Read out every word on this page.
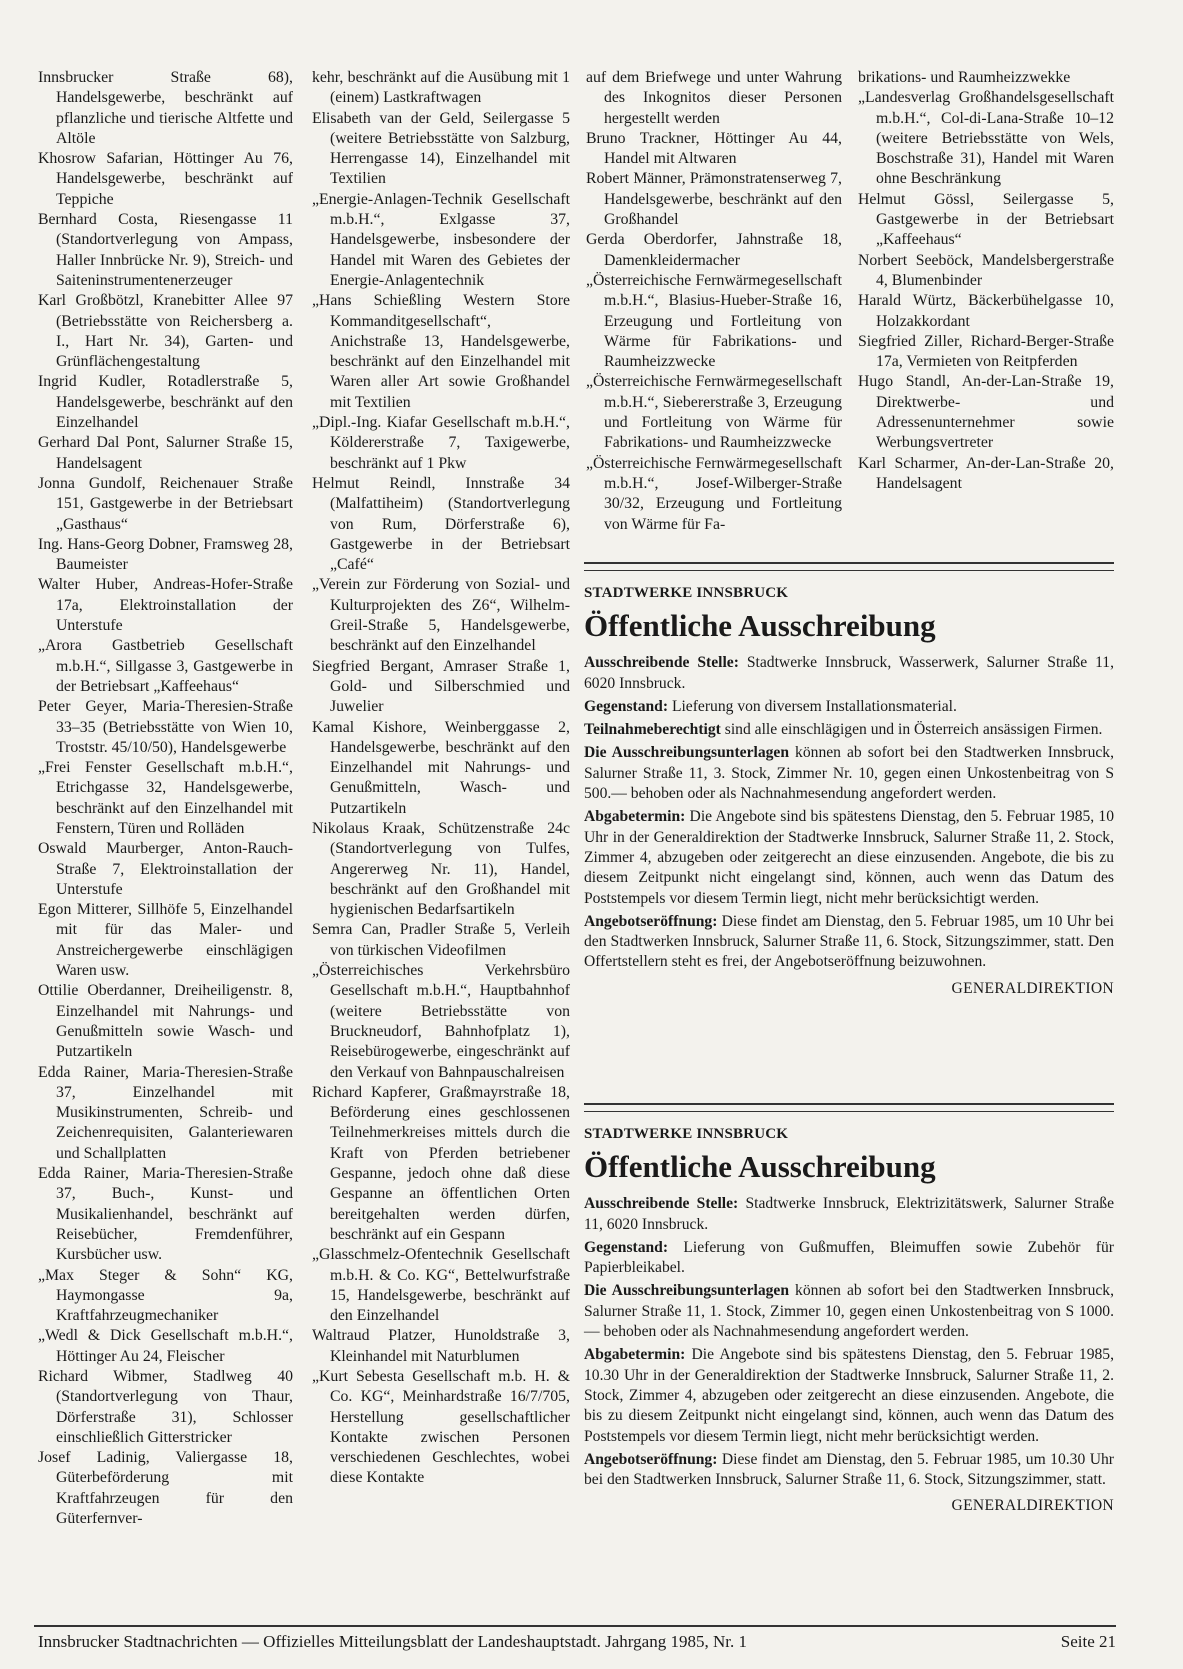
Innsbrucker Straße 68), Handelsgewerbe, beschränkt auf pflanzliche und tierische Altfette und Altöle
Khosrow Safarian, Höttinger Au 76, Handelsgewerbe, beschränkt auf Teppiche
Bernhard Costa, Riesengasse 11 (Standortverlegung von Ampass, Haller Innbrücke Nr. 9), Streich- und Saiteninstrumentenerzeuger
Karl Großbötzl, Kranebitter Allee 97 (Betriebsstätte von Reichersberg a. I., Hart Nr. 34), Garten- und Grünflächengestaltung
Ingrid Kudler, Rotadlerstraße 5, Handelsgewerbe, beschränkt auf den Einzelhandel
Gerhard Dal Pont, Salurner Straße 15, Handelsagent
Jonna Gundolf, Reichenauer Straße 151, Gastgewerbe in der Betriebsart „Gasthaus“
Ing. Hans-Georg Dobner, Framsweg 28, Baumeister
Walter Huber, Andreas-Hofer-Straße 17a, Elektroinstallation der Unterstufe
„Arora Gastbetrieb Gesellschaft m.b.H.“, Sillgasse 3, Gastgewerbe in der Betriebsart „Kaffeehaus“
Peter Geyer, Maria-Theresien-Straße 33–35 (Betriebsstätte von Wien 10, Troststr. 45/10/50), Handelsgewerbe
„Frei Fenster Gesellschaft m.b.H.“, Etrichgasse 32, Handelsgewerbe, beschränkt auf den Einzelhandel mit Fenstern, Türen und Rolläden
Oswald Maurberger, Anton-Rauch-Straße 7, Elektroinstallation der Unterstufe
Egon Mitterer, Sillhöfe 5, Einzelhandel mit für das Maler- und Anstreichergewerbe einschlägigen Waren usw.
Ottilie Oberdanner, Dreiheiligenstr. 8, Einzelhandel mit Nahrungs- und Genußmitteln sowie Wasch- und Putzartikeln
Edda Rainer, Maria-Theresien-Straße 37, Einzelhandel mit Musikinstrumenten, Schreib- und Zeichenrequisiten, Galanteriewaren und Schallplatten
Edda Rainer, Maria-Theresien-Straße 37, Buch-, Kunst- und Musikalienhandel, beschränkt auf Reisebücher, Fremdenführer, Kursbücher usw.
„Max Steger & Sohn“ KG, Haymongasse 9a, Kraftfahrzeugmechaniker
„Wedl & Dick Gesellschaft m.b.H.“, Höttinger Au 24, Fleischer
Richard Wibmer, Stadlweg 40 (Standortverlegung von Thaur, Dörferstraße 31), Schlosser einschließlich Gitterstricker
Josef Ladinig, Valiergasse 18, Güterbeförderung mit Kraftfahrzeugen für den Güterfernver-
kehr, beschränkt auf die Ausübung mit 1 (einem) Lastkraftwagen
Elisabeth van der Geld, Seilergasse 5 (weitere Betriebsstätte von Salzburg, Herrengasse 14), Einzelhandel mit Textilien
„Energie-Anlagen-Technik Gesellschaft m.b.H.“, Exlgasse 37, Handelsgewerbe, insbesondere der Handel mit Waren des Gebietes der Energie-Anlagentechnik
„Hans Schießling Western Store Kommanditgesellschaft“, Anichstraße 13, Handelsgewerbe, beschränkt auf den Einzelhandel mit Waren aller Art sowie Großhandel mit Textilien
„Dipl.-Ing. Kiafar Gesellschaft m.b.H.“, Köldererstraße 7, Taxigewerbe, beschränkt auf 1 Pkw
Helmut Reindl, Innstraße 34 (Malfattiheim) (Standortverlegung von Rum, Dörferstraße 6), Gastgewerbe in der Betriebsart „Café“
„Verein zur Förderung von Sozial- und Kulturprojekten des Z6“, Wilhelm-Greil-Straße 5, Handelsgewerbe, beschränkt auf den Einzelhandel
Siegfried Bergant, Amraser Straße 1, Gold- und Silberschmied und Juwelier
Kamal Kishore, Weinberggasse 2, Handelsgewerbe, beschränkt auf den Einzelhandel mit Nahrungs- und Genußmitteln, Wasch- und Putzartikeln
Nikolaus Kraak, Schützenstraße 24c (Standortverlegung von Tulfes, Angererweg Nr. 11), Handel, beschränkt auf den Großhandel mit hygienischen Bedarfsartikeln
Semra Can, Pradler Straße 5, Verleih von türkischen Videofilmen
„Österreichisches Verkehrsbüro Gesellschaft m.b.H.“, Hauptbahnhof (weitere Betriebsstätte von Bruckneudorf, Bahnhofplatz 1), Reisebürogewerbe, eingeschränkt auf den Verkauf von Bahnpauschalreisen
Richard Kapferer, Graßmayrstraße 18, Beförderung eines geschlossenen Teilnehmerkreises mittels durch die Kraft von Pferden betriebener Gespanne, jedoch ohne daß diese Gespanne an öffentlichen Orten bereitgehalten werden dürfen, beschränkt auf ein Gespann
„Glasschmelz-Ofentechnik Gesellschaft m.b.H. & Co. KG“, Bettelwurfstraße 15, Handelsgewerbe, beschränkt auf den Einzelhandel
Waltraud Platzer, Hunoldstraße 3, Kleinhandel mit Naturblumen
„Kurt Sebesta Gesellschaft m.b. H. & Co. KG“, Meinhardstraße 16/7/705, Herstellung gesellschaftlicher Kontakte zwischen Personen verschiedenen Geschlechtes, wobei diese Kontakte
auf dem Briefwege und unter Wahrung des Inkognitos dieser Personen hergestellt werden
Bruno Trackner, Höttinger Au 44, Handel mit Altwaren
Robert Männer, Prämonstratenserweg 7, Handelsgewerbe, beschränkt auf den Großhandel
Gerda Oberdorfer, Jahnstraße 18, Damenkleidermacher
„Österreichische Fernwärmegesellschaft m.b.H.“, Blasius-Hueber-Straße 16, Erzeugung und Fortleitung von Wärme für Fabrikations- und Raumheizzwecke
„Österreichische Fernwärmegesellschaft m.b.H.“, Siebererstraße 3, Erzeugung und Fortleitung von Wärme für Fabrikations- und Raumheizzwecke
„Österreichische Fernwärmegesellschaft m.b.H.“, Josef-Wilberger-Straße 30/32, Erzeugung und Fortleitung von Wärme für Fa-
brikations- und Raumheizzwekke
„Landesverlag Großhandelsgesellschaft m.b.H.“, Col-di-Lana-Straße 10–12 (weitere Betriebsstätte von Wels, Boschstraße 31), Handel mit Waren ohne Beschränkung
Helmut Gössl, Seilergasse 5, Gastgewerbe in der Betriebsart „Kaffeehaus“
Norbert Seeböck, Mandelsbergerstraße 4, Blumenbinder
Harald Würtz, Bäckerbühelgasse 10, Holzakkordant
Siegfried Ziller, Richard-Berger-Straße 17a, Vermieten von Reitpferden
Hugo Standl, An-der-Lan-Straße 19, Direktwerbe- und Adressenunternehmer sowie Werbungsvertreter
Karl Scharmer, An-der-Lan-Straße 20, Handelsagent
STADTWERKE INNSBRUCK
Öffentliche Ausschreibung

Ausschreibende Stelle: Stadtwerke Innsbruck, Wasserwerk, Salurner Straße 11, 6020 Innsbruck.

Gegenstand: Lieferung von diversem Installationsmaterial.

Teilnahmeberechtigt sind alle einschlägigen und in Österreich ansässigen Firmen.

Die Ausschreibungsunterlagen können ab sofort bei den Stadtwerken Innsbruck, Salurner Straße 11, 3. Stock, Zimmer Nr. 10, gegen einen Unkostenbeitrag von S 500.— behoben oder als Nachnahmesendung angefordert werden.

Abgabetermin: Die Angebote sind bis spätestens Dienstag, den 5. Februar 1985, 10 Uhr in der Generaldirektion der Stadtwerke Innsbruck, Salurner Straße 11, 2. Stock, Zimmer 4, abzugeben oder zeitgerecht an diese einzusenden. Angebote, die bis zu diesem Zeitpunkt nicht eingelangt sind, können, auch wenn das Datum des Poststempels vor diesem Termin liegt, nicht mehr berücksichtigt werden.

Angebotseröffnung: Diese findet am Dienstag, den 5. Februar 1985, um 10 Uhr bei den Stadtwerken Innsbruck, Salurner Straße 11, 6. Stock, Sitzungszimmer, statt. Den Offertstellern steht es frei, der Angebotseröffnung beizuwohnen.

GENERALDIREKTION
STADTWERKE INNSBRUCK
Öffentliche Ausschreibung

Ausschreibende Stelle: Stadtwerke Innsbruck, Elektrizitätswerk, Salurner Straße 11, 6020 Innsbruck.

Gegenstand: Lieferung von Gußmuffen, Bleimuffen sowie Zubehör für Papierbleikabel.

Die Ausschreibungsunterlagen können ab sofort bei den Stadtwerken Innsbruck, Salurner Straße 11, 1. Stock, Zimmer 10, gegen einen Unkostenbeitrag von S 1000.— behoben oder als Nachnahmesendung angefordert werden.

Abgabetermin: Die Angebote sind bis spätestens Dienstag, den 5. Februar 1985, 10.30 Uhr in der Generaldirektion der Stadtwerke Innsbruck, Salurner Straße 11, 2. Stock, Zimmer 4, abzugeben oder zeitgerecht an diese einzusenden. Angebote, die bis zu diesem Zeitpunkt nicht eingelangt sind, können, auch wenn das Datum des Poststempels vor diesem Termin liegt, nicht mehr berücksichtigt werden.

Angebotseröffnung: Diese findet am Dienstag, den 5. Februar 1985, um 10.30 Uhr bei den Stadtwerken Innsbruck, Salurner Straße 11, 6. Stock, Sitzungszimmer, statt.

GENERALDIREKTION
Innsbrucker Stadtnachrichten — Offizielles Mitteilungsblatt der Landeshauptstadt. Jahrgang 1985, Nr. 1	Seite 21
